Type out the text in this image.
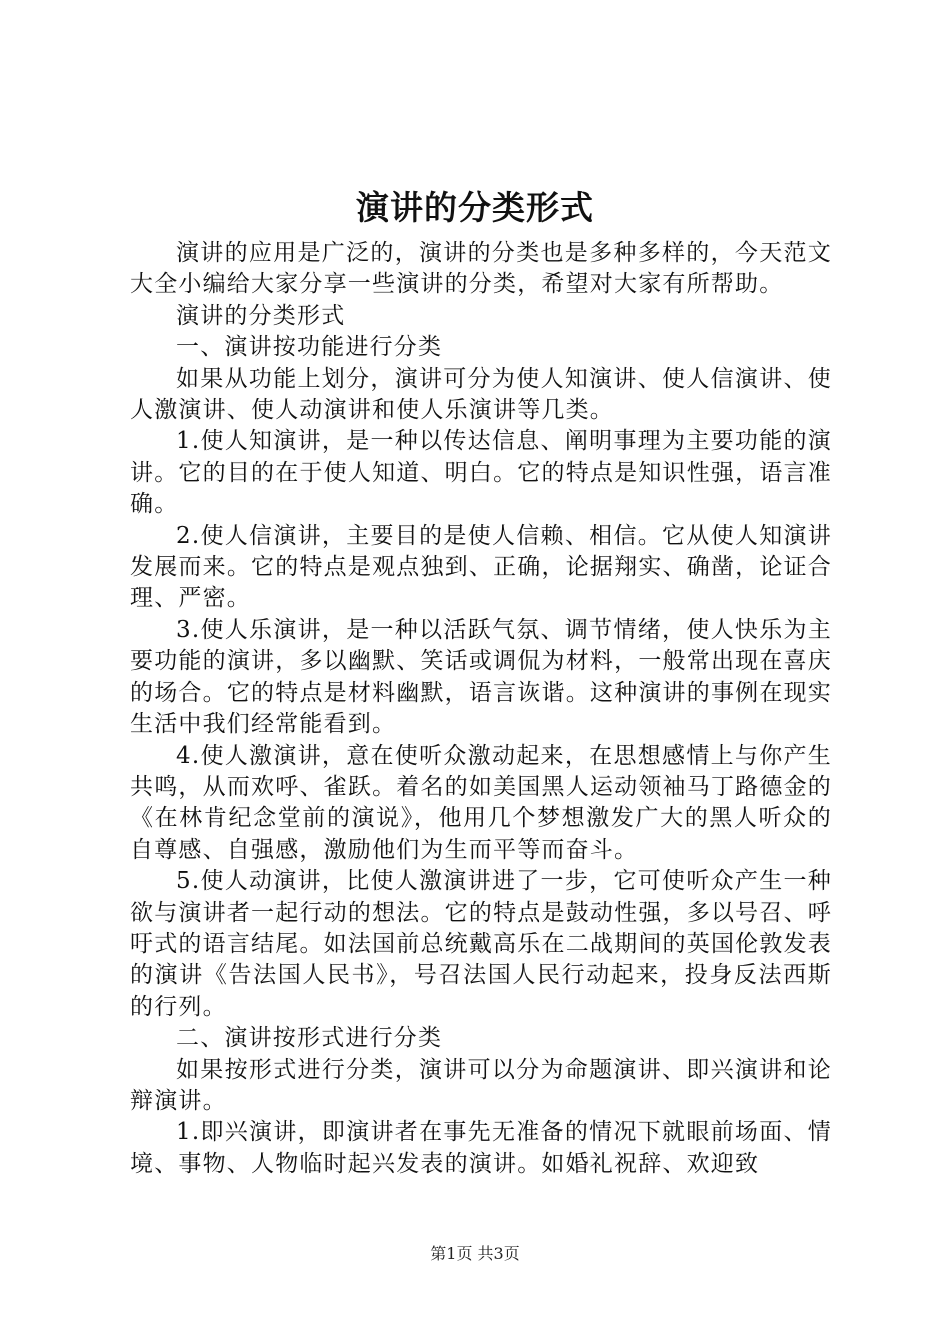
演讲的分类形式

演讲的应用是广泛的，演讲的分类也是多种多样的，今天范文大全小编给大家分享一些演讲的分类，希望对大家有所帮助。

演讲的分类形式

一、演讲按功能进行分类

如果从功能上划分，演讲可分为使人知演讲、使人信演讲、使人激演讲、使人动演讲和使人乐演讲等几类。

1.使人知演讲，是一种以传达信息、阐明事理为主要功能的演讲。它的目的在于使人知道、明白。它的特点是知识性强，语言准确。

2.使人信演讲，主要目的是使人信赖、相信。它从使人知演讲发展而来。它的特点是观点独到、正确，论据翔实、确凿，论证合理、严密。

3.使人乐演讲，是一种以活跃气氛、调节情绪，使人快乐为主要功能的演讲，多以幽默、笑话或调侃为材料，一般常出现在喜庆的场合。它的特点是材料幽默，语言诙谐。这种演讲的事例在现实生活中我们经常能看到。

4.使人激演讲，意在使听众激动起来，在思想感情上与你产生共鸣，从而欢呼、雀跃。着名的如美国黑人运动领袖马丁路德金的《在林肯纪念堂前的演说》，他用几个梦想激发广大的黑人听众的自尊感、自强感，激励他们为生而平等而奋斗。

5.使人动演讲，比使人激演讲进了一步，它可使听众产生一种欲与演讲者一起行动的想法。它的特点是鼓动性强，多以号召、呼吁式的语言结尾。如法国前总统戴高乐在二战期间的英国伦敦发表的演讲《告法国人民书》，号召法国人民行动起来，投身反法西斯的行列。

二、演讲按形式进行分类

如果按形式进行分类，演讲可以分为命题演讲、即兴演讲和论辩演讲。

1.即兴演讲，即演讲者在事先无准备的情况下就眼前场面、情境、事物、人物临时起兴发表的演讲。如婚礼祝辞、欢迎致

第1页 共3页
